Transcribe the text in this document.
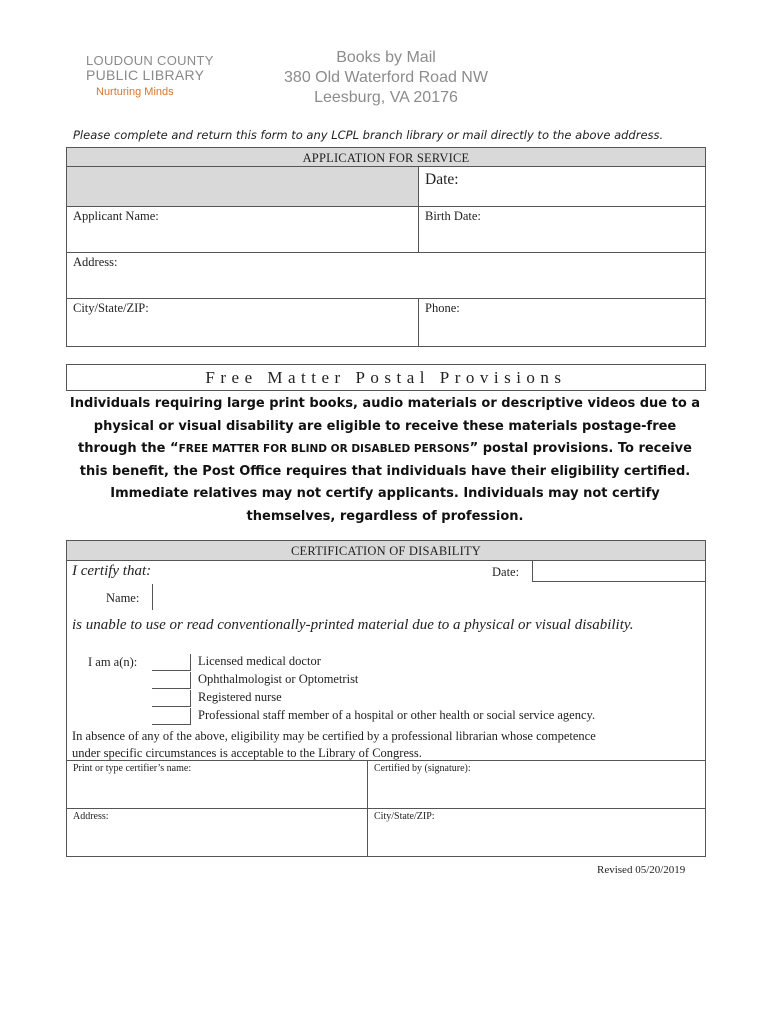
LOUDOUN COUNTY
PUBLIC LIBRARY
Nurturing Minds
Books by Mail
380 Old Waterford Road NW
Leesburg, VA 20176
Please complete and return this form to any LCPL branch library or mail directly to the above address.
APPLICATION FOR SERVICE
Date:
Applicant Name:	Birth Date:
Address:
City/State/ZIP:	Phone:
Free Matter Postal Provisions
Individuals requiring large print books, audio materials or descriptive videos due to a
physical or visual disability are eligible to receive these materials postage-free
through the “FREE MATTER FOR BLIND OR DISABLED PERSONS” postal provisions. To receive
this benefit, the Post Office requires that individuals have their eligibility certified.
Immediate relatives may not certify applicants. Individuals may not certify
themselves, regardless of profession.
CERTIFICATION OF DISABILITY
I certify that:	Date:
Name:
is unable to use or read conventionally-printed material due to a physical or visual disability.
I am a(n):	Licensed medical doctor
Ophthalmologist or Optometrist
Registered nurse
Professional staff member of a hospital or other health or social service agency.
In absence of any of the above, eligibility may be certified by a professional librarian whose competence
under specific circumstances is acceptable to the Library of Congress.
Print or type certifier’s name:	Certified by (signature):
Address:	City/State/ZIP:
Revised 05/20/2019
